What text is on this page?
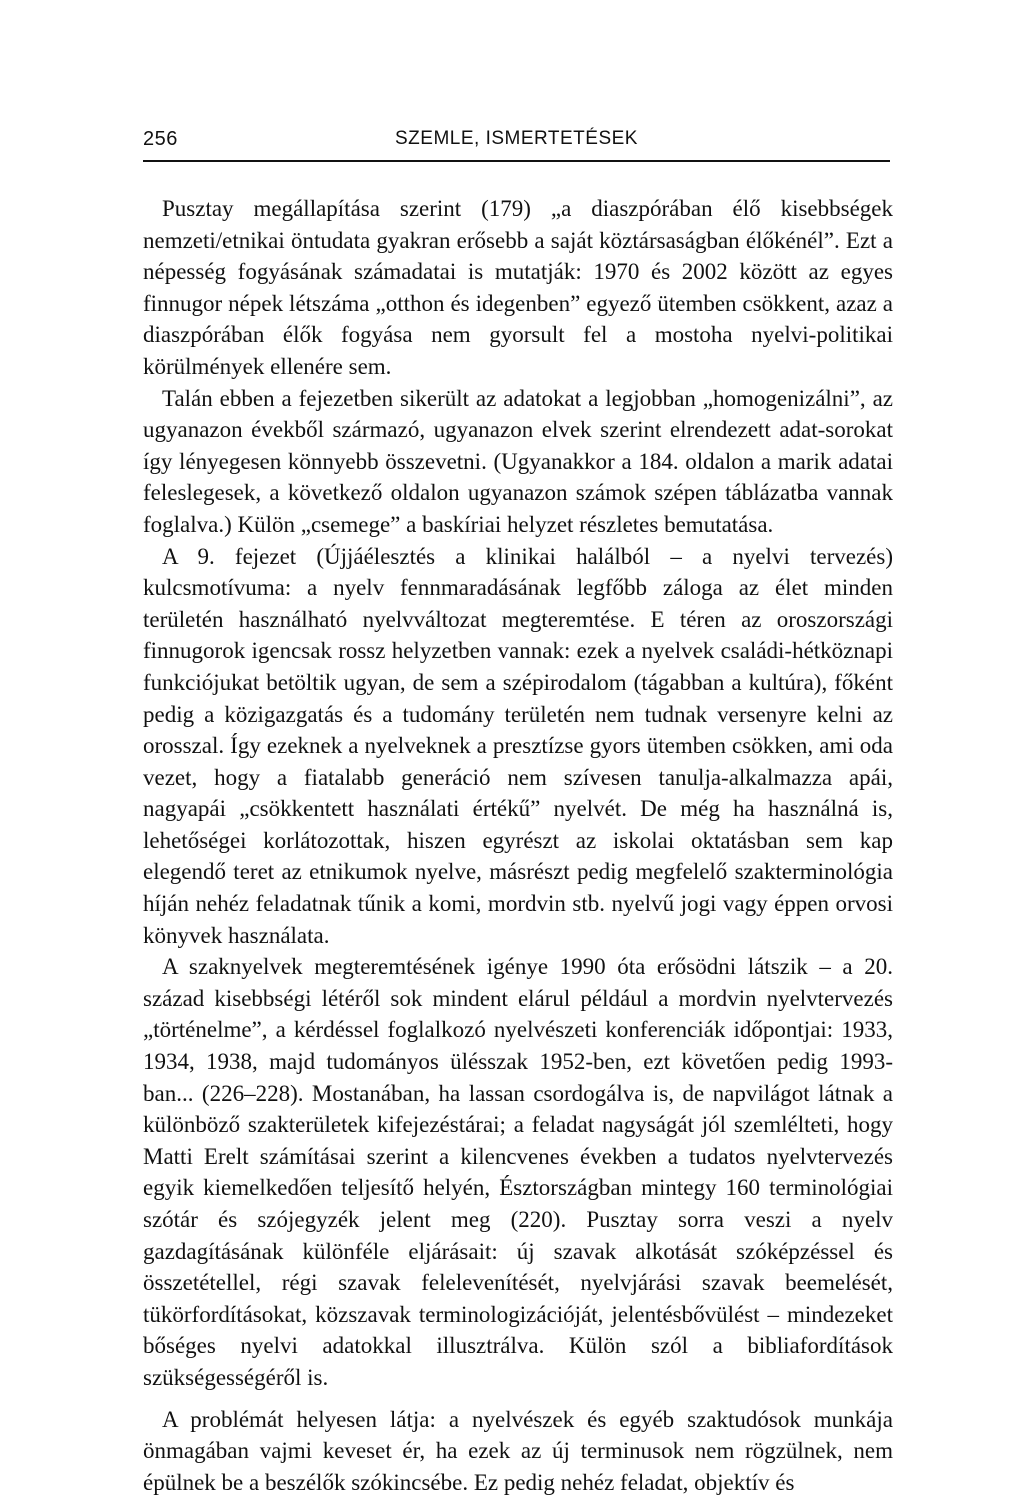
256	SZEMLE, ISMERTETÉSEK

Pusztay megállapítása szerint (179) „a diaszpórában élő kisebbségek nemzeti/etnikai öntudata gyakran erősebb a saját köztársaságban élőkénél”. Ezt a népesség fogyásának számadatai is mutatják: 1970 és 2002 között az egyes finnugor népek létszáma „otthon és idegenben” egyező ütemben csökkent, azaz a diaszpórában élők fogyása nem gyorsult fel a mostoha nyelvi-politikai körülmények ellenére sem.

Talán ebben a fejezetben sikerült az adatokat a legjobban „homogenizálni”, az ugyanazon évekből származó, ugyanazon elvek szerint elrendezett adat-sorokat így lényegesen könnyebb összevetni. (Ugyanakkor a 184. oldalon a marik adatai feleslegesek, a következő oldalon ugyanazon számok szépen táblázatba vannak foglalva.) Külön „csemege” a baskíriai helyzet részletes bemutatása.

A 9. fejezet (Újjáélesztés a klinikai halálból – a nyelvi tervezés) kulcsmotívuma: a nyelv fennmaradásának legfőbb záloga az élet minden területén használható nyelvváltozat megteremtése. E téren az oroszországi finnugorok igencsak rossz helyzetben vannak: ezek a nyelvek családi-hétköznapi funkciójukat betöltik ugyan, de sem a szépirodalom (tágabban a kultúra), főként pedig a közigazgatás és a tudomány területén nem tudnak versenyre kelni az orosszal. Így ezeknek a nyelveknek a presztízse gyors ütemben csökken, ami oda vezet, hogy a fiatalabb generáció nem szívesen tanulja-alkalmazza apái, nagyapái „csökkentett használati értékű” nyelvét. De még ha használná is, lehetőségei korlátozottak, hiszen egyrészt az iskolai oktatásban sem kap elegendő teret az etnikumok nyelve, másrészt pedig megfelelő szakterminológia híján nehéz feladatnak tűnik a komi, mordvin stb. nyelvű jogi vagy éppen orvosi könyvek használata.

A szaknyelvek megteremtésének igénye 1990 óta erősödni látszik – a 20. század kisebbségi létéről sok mindent elárul például a mordvin nyelvtervezés „történelme”, a kérdéssel foglalkozó nyelvészeti konferenciák időpontjai: 1933, 1934, 1938, majd tudományos ülésszak 1952-ben, ezt követően pedig 1993-ban... (226–228). Mostanában, ha lassan csordogálva is, de napvilágot látnak a különböző szakterületek kifejezéstárai; a feladat nagyságát jól szemlélteti, hogy Matti Erelt számításai szerint a kilencvenes években a tudatos nyelvtervezés egyik kiemelkedően teljesítő helyén, Észtországban mintegy 160 terminológiai szótár és szójegyzék jelent meg (220). Pusztay sorra veszi a nyelv gazdagításának különféle eljárásait: új szavak alkotását szóképzéssel és összetétellel, régi szavak felelevenítését, nyelvjárási szavak beemelését, tükörfordításokat, közszavak terminologizációját, jelentésbővülést – mindezeket bőséges nyelvi adatokkal illusztrálva. Külön szól a bibliafordítások szükségességéről is.

A problémát helyesen látja: a nyelvészek és egyéb szaktudósok munkája önmagában vajmi keveset ér, ha ezek az új terminusok nem rögzülnek, nem épülnek be a beszélők szókincsébe. Ez pedig nehéz feladat, objektív és
